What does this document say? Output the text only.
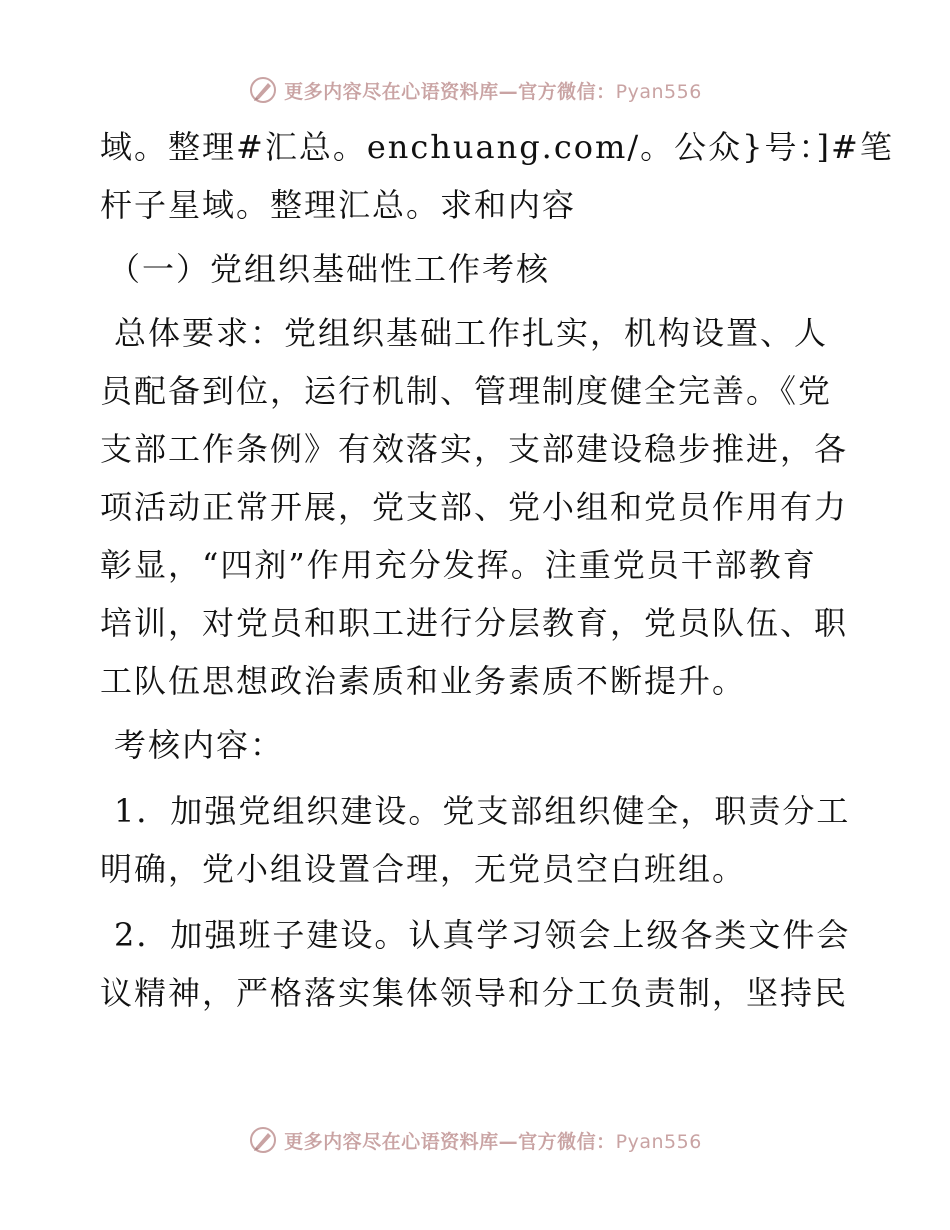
更多内容尽在心语资料库—官方微信：Pyan556
域。整理#汇总。enchuang.com/。公众}号：]#笔
杆子星域。整理汇总。求和内容
（一）党组织基础性工作考核
总体要求：党组织基础工作扎实，机构设置、人
员配备到位，运行机制、管理制度健全完善。《党
支部工作条例》有效落实，支部建设稳步推进，各
项活动正常开展，党支部、党小组和党员作用有力
彰显，“四剂”作用充分发挥。注重党员干部教育
培训，对党员和职工进行分层教育，党员队伍、职
工队伍思想政治素质和业务素质不断提升。
考核内容：
1．加强党组织建设。党支部组织健全，职责分工
明确，党小组设置合理，无党员空白班组。
2．加强班子建设。认真学习领会上级各类文件会
议精神，严格落实集体领导和分工负责制，坚持民
更多内容尽在心语资料库—官方微信：Pyan556
